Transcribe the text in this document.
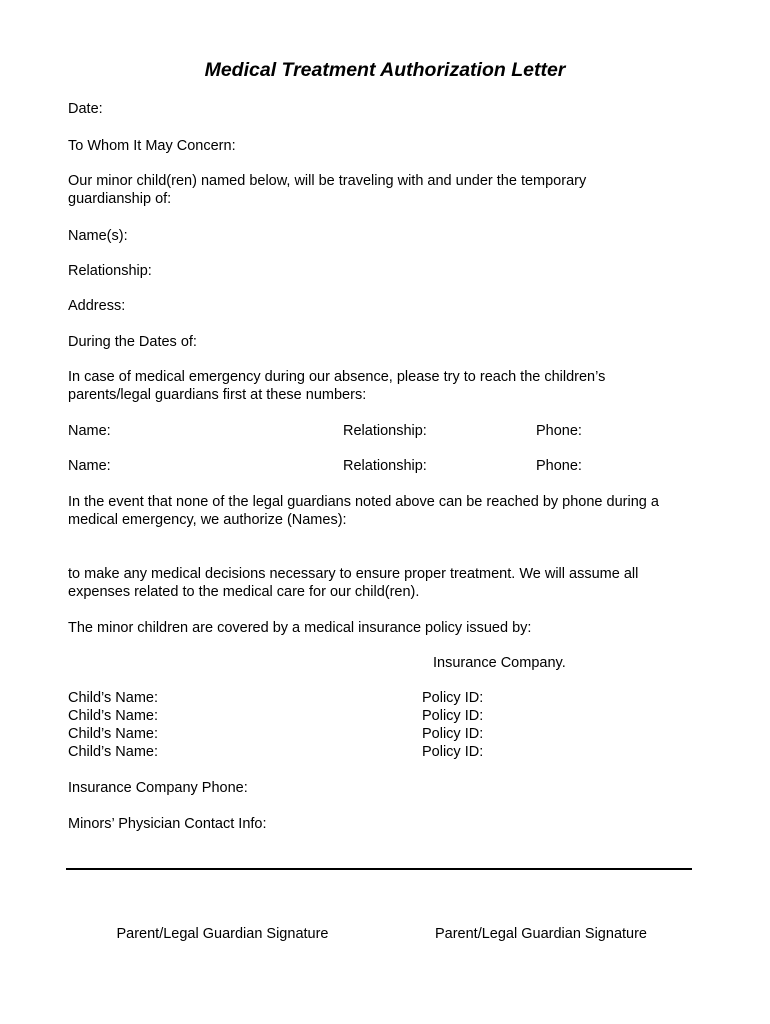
Medical Treatment Authorization Letter
Date:
To Whom It May Concern:
Our minor child(ren) named below, will be traveling with and under the temporary
guardianship of:
Name(s):
Relationship:
Address:
During the Dates of:
In case of medical emergency during our absence, please try to reach the children’s
parents/legal guardians first at these numbers:
Name:	Relationship:	Phone:
Name:	Relationship:	Phone:
In the event that none of the legal guardians noted above can be reached by phone during a
medical emergency, we authorize (Names):
to make any medical decisions necessary to ensure proper treatment. We will assume all
expenses related to the medical care for our child(ren).
The minor children are covered by a medical insurance policy issued by:
Insurance Company.
Child’s Name:	Policy ID:
Child’s Name:	Policy ID:
Child’s Name:	Policy ID:
Child’s Name:	Policy ID:
Insurance Company Phone:
Minors’ Physician Contact Info:
Parent/Legal Guardian Signature	Parent/Legal Guardian Signature
